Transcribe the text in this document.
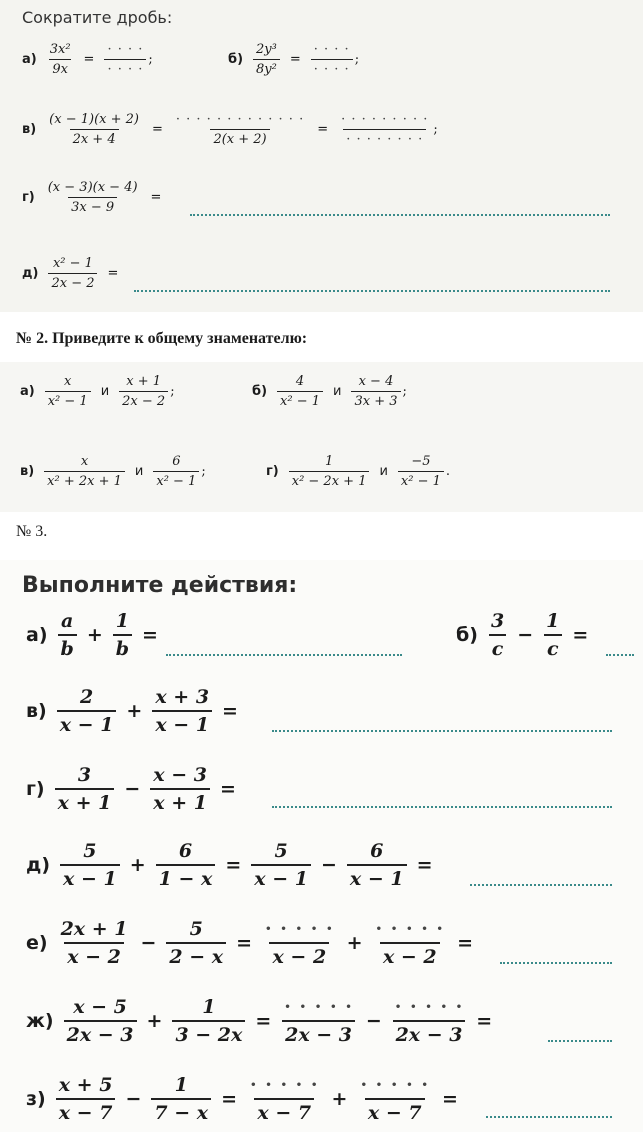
Сократите дробь:
$а) \frac{\text{3x²}}{9x} = \frac{\cdot \cdot \cdot \cdot}{\cdot \cdot \cdot \cdot}$ ;	$б) \frac{\text{2y³}}{\text{8y²}} = \frac{\cdot \cdot \cdot \cdot}{\cdot \cdot \cdot \cdot}$ ;
$в) \frac{(x - 1)(x + 2)}{2x + 4} = \frac{\cdot \cdot \cdot \cdot \cdot \cdot \cdot \cdot \cdot \cdot \cdot \cdot \cdot}{2(x + 2)} = \frac{\cdot \cdot \cdot \cdot \cdot \cdot \cdot \cdot \cdot}{\cdot \cdot \cdot \cdot \cdot \cdot \cdot \cdot}$ ;
$г) \frac{(x - 3)(x - 4)}{3x - 9}$ =
$д) \frac{\text{x² − 1}}{2x - 2}$ =
№ 2. Приведите к общему знаменателю:
$а) \frac{x}{\text{x² − 1}}$ и $\frac{x + 1}{2x - 2}$ ;	$б) \frac{4}{\text{x² − 1}}$ и $\frac{x - 4}{3x + 3}$ ;
$в) \frac{x}{\text{x² + 2x + 1}}$ и $\frac{6}{\text{x² − 1}}$ ;	$г) \frac{1}{\text{x² − 2x + 1}}$ и $\frac{-5}{\text{x² − 1}}$ .
№ 3.
Выполните действия:
$а) \frac{a}{b} + \frac{1}{b}$ =	$б) \frac{3}{c} - \frac{1}{c}$ =
$в) \frac{2}{x - 1} + \frac{x + 3}{x - 1}$ =
$г) \frac{3}{x + 1} - \frac{x - 3}{x + 1}$ =
$д) \frac{5}{x - 1} + \frac{6}{1 - x} = \frac{5}{x - 1} - \frac{6}{x - 1}$ =
$е) \frac{2x + 1}{x - 2} - \frac{5}{2 - x} = \frac{\cdot \cdot \cdot \cdot \cdot}{x - 2} + \frac{\cdot \cdot \cdot \cdot \cdot}{x - 2}$ =
$ж) \frac{x - 5}{2x - 3} + \frac{1}{3 - 2x} = \frac{\cdot \cdot \cdot \cdot \cdot}{2x - 3} - \frac{\cdot \cdot \cdot \cdot \cdot}{2x - 3}$ =
$з) \frac{x + 5}{x - 7} - \frac{1}{7 - x} = \frac{\cdot \cdot \cdot \cdot \cdot}{x - 7} + \frac{\cdot \cdot \cdot \cdot \cdot}{x - 7}$ =
